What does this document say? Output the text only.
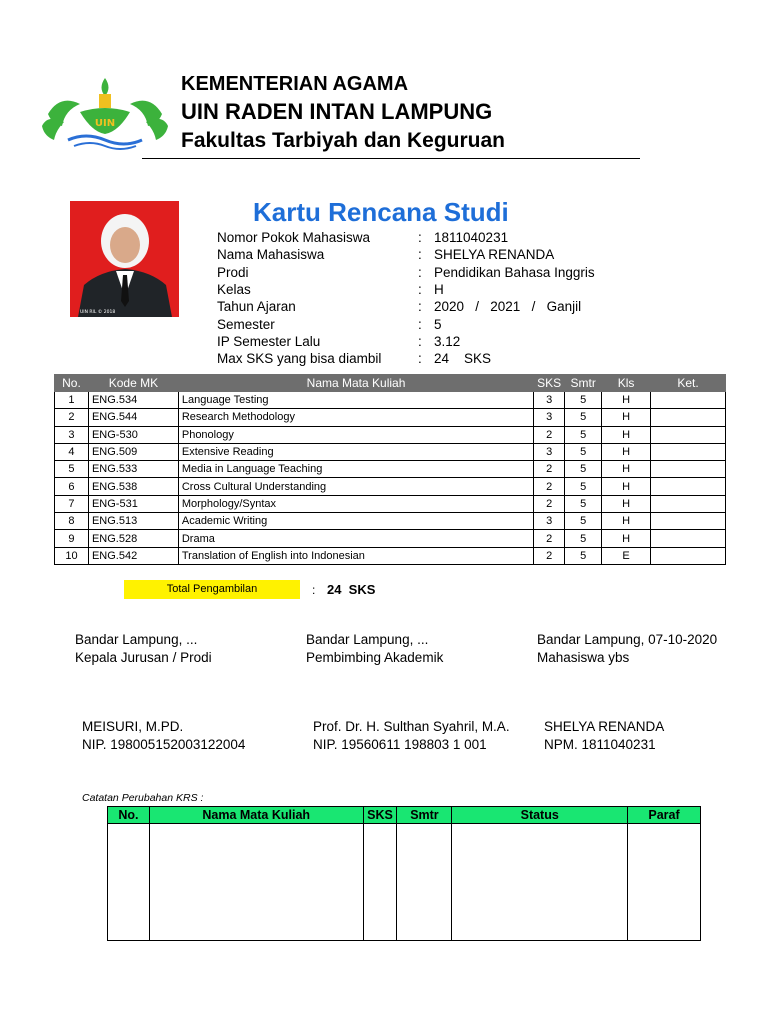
UIN
KEMENTERIAN AGAMA
UIN RADEN INTAN LAMPUNG
Fakultas Tarbiyah dan Keguruan
UIN RIL © 2018
Kartu Rencana Studi
Nomor Pokok Mahasiswa	: 1811040231
Nama Mahasiswa	: SHELYA RENANDA
Prodi	: Pendidikan Bahasa Inggris
Kelas	: H
Tahun Ajaran	: 2020   /   2021   /   Ganjil
Semester	: 5
IP Semester Lalu	: 3.12
Max SKS yang bisa diambil	: 24    SKS
No.	Kode MK	Nama Mata Kuliah	SKS	Smtr	Kls	Ket.
1	ENG.534	Language Testing	3	5	H	
2	ENG.544	Research Methodology	3	5	H	
3	ENG-530	Phonology	2	5	H	
4	ENG.509	Extensive Reading	3	5	H	
5	ENG.533	Media in Language Teaching	2	5	H	
6	ENG.538	Cross Cultural Understanding	2	5	H	
7	ENG-531	Morphology/Syntax	2	5	H	
8	ENG.513	Academic Writing	3	5	H	
9	ENG.528	Drama	2	5	H	
10	ENG.542	Translation of English into Indonesian	2	5	E	
Total Pengambilan	: 24  SKS
Bandar Lampung, ...
Kepala Jurusan / Prodi
MEISURI, M.PD.
NIP. 198005152003122004
Bandar Lampung, ...
Pembimbing Akademik
Prof. Dr. H. Sulthan Syahril, M.A.
NIP. 19560611 198803 1 001
Bandar Lampung, 07-10-2020
Mahasiswa ybs
SHELYA RENANDA
NPM. 1811040231
Catatan Perubahan KRS :
No.	Nama Mata Kuliah	SKS	Smtr	Status	Paraf
